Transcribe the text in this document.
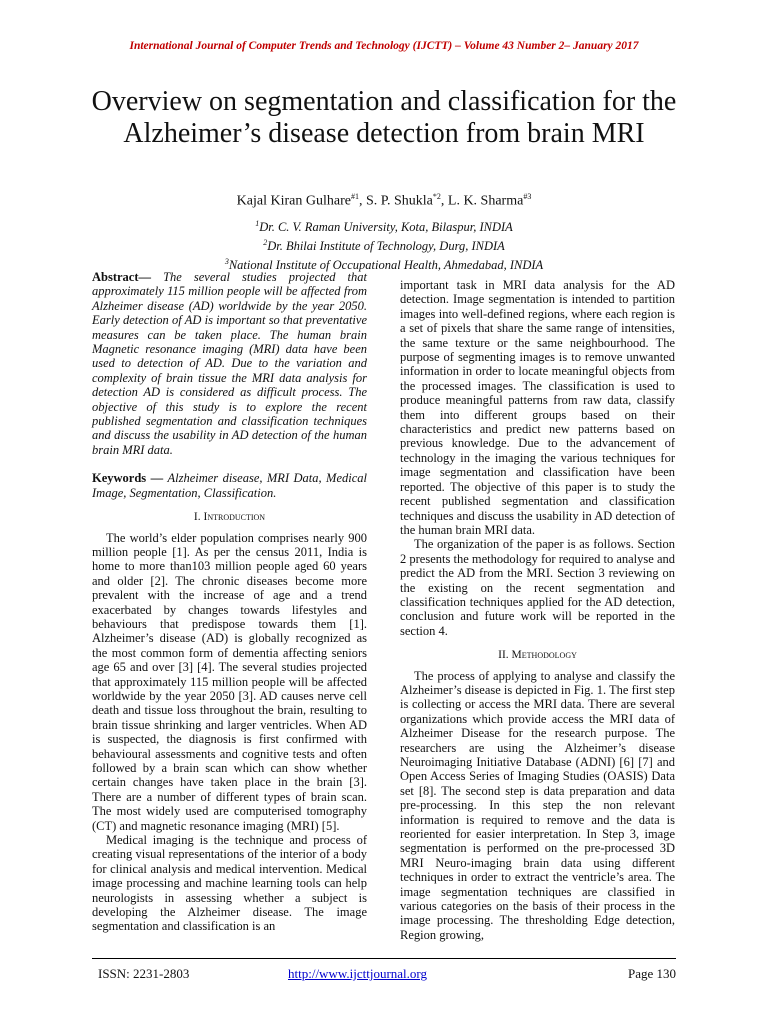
International Journal of Computer Trends and Technology (IJCTT) – Volume 43 Number 2– January 2017
Overview on segmentation and classification for the Alzheimer’s disease detection from brain MRI
Kajal Kiran Gulhare$^{\#1}$, S. P. Shukla$^{*2}$, L. K. Sharma$^{\#3}$
$^1$Dr. C. V. Raman University, Kota, Bilaspur, INDIA
$^2$Dr. Bhilai Institute of Technology, Durg, INDIA
$^3$National Institute of Occupational Health, Ahmedabad, INDIA

Abstract— The several studies projected that approximately 115 million people will be affected from Alzheimer disease (AD) worldwide by the year 2050. Early detection of AD is important so that preventative measures can be taken place. The human brain Magnetic resonance imaging (MRI) data have been used to detection of AD. Due to the variation and complexity of brain tissue the MRI data analysis for detection AD is considered as difficult process. The objective of this study is to explore the recent published segmentation and classification techniques and discuss the usability in AD detection of the human brain MRI data.

Keywords — Alzheimer disease, MRI Data, Medical Image, Segmentation, Classification.

I. Introduction

The world’s elder population comprises nearly 900 million people [1]. As per the census 2011, India is home to more than103 million people aged 60 years and older [2]. The chronic diseases become more prevalent with the increase of age and a trend exacerbated by changes towards lifestyles and behaviours that predispose towards them [1]. Alzheimer’s disease (AD) is globally recognized as the most common form of dementia affecting seniors age 65 and over [3] [4]. The several studies projected that approximately 115 million people will be affected worldwide by the year 2050 [3]. AD causes nerve cell death and tissue loss throughout the brain, resulting to brain tissue shrinking and larger ventricles. When AD is suspected, the diagnosis is first confirmed with behavioural assessments and cognitive tests and often followed by a brain scan which can show whether certain changes have taken place in the brain [3]. There are a number of different types of brain scan. The most widely used are computerised tomography (CT) and magnetic resonance imaging (MRI) [5].

Medical imaging is the technique and process of creating visual representations of the interior of a body for clinical analysis and medical intervention. Medical image processing and machine learning tools can help neurologists in assessing whether a subject is developing the Alzheimer disease. The image segmentation and classification is an

important task in MRI data analysis for the AD detection. Image segmentation is intended to partition images into well-defined regions, where each region is a set of pixels that share the same range of intensities, the same texture or the same neighbourhood. The purpose of segmenting images is to remove unwanted information in order to locate meaningful objects from the processed images. The classification is used to produce meaningful patterns from raw data, classify them into different groups based on their characteristics and predict new patterns based on previous knowledge. Due to the advancement of technology in the imaging the various techniques for image segmentation and classification have been reported. The objective of this paper is to study the recent published segmentation and classification techniques and discuss the usability in AD detection of the human brain MRI data.

The organization of the paper is as follows. Section 2 presents the methodology for required to analyse and predict the AD from the MRI. Section 3 reviewing on the existing on the recent segmentation and classification techniques applied for the AD detection, conclusion and future work will be reported in the section 4.

II. Methodology

The process of applying to analyse and classify the Alzheimer’s disease is depicted in Fig. 1. The first step is collecting or access the MRI data. There are several organizations which provide access the MRI data of Alzheimer Disease for the research purpose. The researchers are using the Alzheimer’s disease Neuroimaging Initiative Database (ADNI) [6] [7] and Open Access Series of Imaging Studies (OASIS) Data set [8]. The second step is data preparation and data pre-processing. In this step the non relevant information is required to remove and the data is reoriented for easier interpretation. In Step 3, image segmentation is performed on the pre-processed 3D MRI Neuro-imaging brain data using different techniques in order to extract the ventricle’s area. The image segmentation techniques are classified in various categories on the basis of their process in the image processing. The thresholding Edge detection, Region growing,

ISSN: 2231-2803	http://www.ijcttjournal.org	Page 130
